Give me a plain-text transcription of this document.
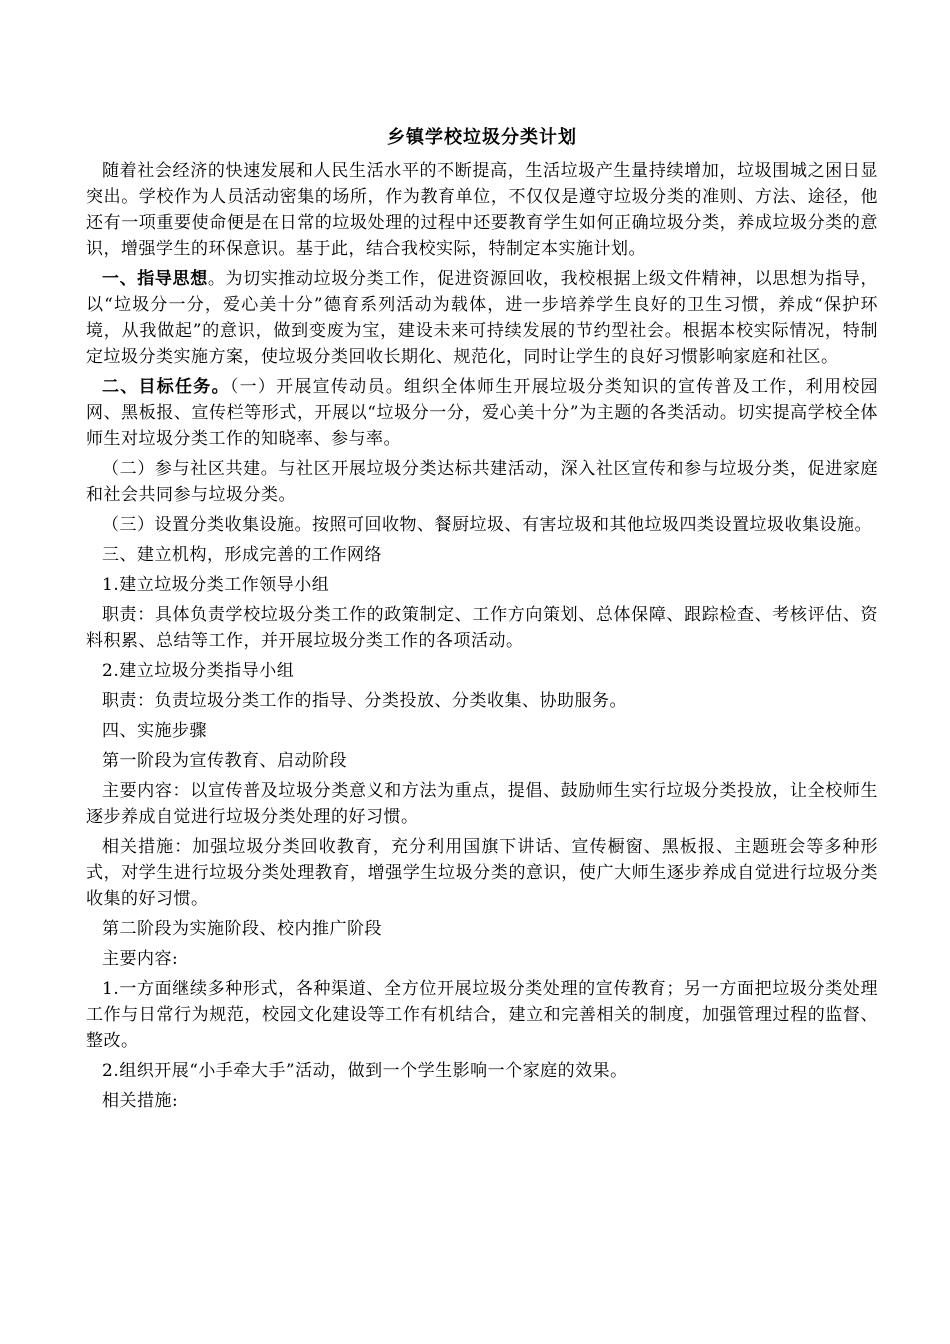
乡镇学校垃圾分类计划

随着社会经济的快速发展和人民生活水平的不断提高，生活垃圾产生量持续增加，垃圾围城之困日显突出。学校作为人员活动密集的场所，作为教育单位，不仅仅是遵守垃圾分类的准则、方法、途径，他还有一项重要使命便是在日常的垃圾处理的过程中还要教育学生如何正确垃圾分类，养成垃圾分类的意识，增强学生的环保意识。基于此，结合我校实际，特制定本实施计划。

一、指导思想。为切实推动垃圾分类工作，促进资源回收，我校根据上级文件精神，以思想为指导，以“垃圾分一分，爱心美十分”德育系列活动为载体，进一步培养学生良好的卫生习惯，养成“保护环境，从我做起”的意识，做到变废为宝，建设未来可持续发展的节约型社会。根据本校实际情况，特制定垃圾分类实施方案，使垃圾分类回收长期化、规范化，同时让学生的良好习惯影响家庭和社区。

二、目标任务。（一）开展宣传动员。组织全体师生开展垃圾分类知识的宣传普及工作，利用校园网、黑板报、宣传栏等形式，开展以“垃圾分一分，爱心美十分”为主题的各类活动。切实提高学校全体师生对垃圾分类工作的知晓率、参与率。

（二）参与社区共建。与社区开展垃圾分类达标共建活动，深入社区宣传和参与垃圾分类，促进家庭和社会共同参与垃圾分类。

（三）设置分类收集设施。按照可回收物、餐厨垃圾、有害垃圾和其他垃圾四类设置垃圾收集设施。

三、建立机构，形成完善的工作网络

1.建立垃圾分类工作领导小组

职责：具体负责学校垃圾分类工作的政策制定、工作方向策划、总体保障、跟踪检查、考核评估、资料积累、总结等工作，并开展垃圾分类工作的各项活动。

2.建立垃圾分类指导小组

职责：负责垃圾分类工作的指导、分类投放、分类收集、协助服务。

四、实施步骤

第一阶段为宣传教育、启动阶段

主要内容：以宣传普及垃圾分类意义和方法为重点，提倡、鼓励师生实行垃圾分类投放，让全校师生逐步养成自觉进行垃圾分类处理的好习惯。

相关措施：加强垃圾分类回收教育，充分利用国旗下讲话、宣传橱窗、黑板报、主题班会等多种形式，对学生进行垃圾分类处理教育，增强学生垃圾分类的意识，使广大师生逐步养成自觉进行垃圾分类收集的好习惯。

第二阶段为实施阶段、校内推广阶段

主要内容:

1.一方面继续多种形式，各种渠道、全方位开展垃圾分类处理的宣传教育；另一方面把垃圾分类处理工作与日常行为规范，校园文化建设等工作有机结合，建立和完善相关的制度，加强管理过程的监督、整改。

2.组织开展“小手牵大手”活动，做到一个学生影响一个家庭的效果。

相关措施:
